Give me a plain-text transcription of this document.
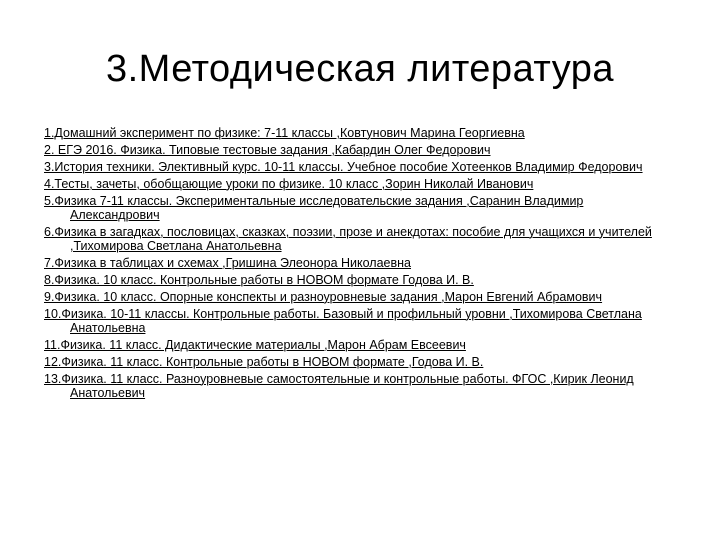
3.Методическая литература
1.Домашний эксперимент по физике: 7-11 классы ,Ковтунович Марина Георгиевна
2. ЕГЭ 2016. Физика. Типовые тестовые задания ,Кабардин Олег Федорович
3.История техники. Элективный курс. 10-11 классы. Учебное пособие Хотеенков Владимир Федорович
4.Тесты, зачеты, обобщающие уроки по физике. 10 класс ,Зорин Николай Иванович
5.Физика 7-11 классы. Экспериментальные исследовательские задания ,Саранин Владимир Александрович
6.Физика в загадках, пословицах, сказках, поэзии, прозе и анекдотах: пособие для учащихся и учителей ,Тихомирова Светлана Анатольевна
7.Физика в таблицах и схемах ,Гришина Элеонора Николаевна
8.Физика. 10 класс. Контрольные работы в НОВОМ формате Годова И. В.
9.Физика. 10 класс. Опорные конспекты и разноуровневые задания ,Марон Евгений Абрамович
10.Физика. 10-11 классы. Контрольные работы. Базовый и профильный уровни ,Тихомирова Светлана Анатольевна
11.Физика. 11 класс. Дидактические материалы ,Марон Абрам Евсеевич
12.Физика. 11 класс. Контрольные работы в НОВОМ формате ,Годова И. В.
13.Физика. 11 класс. Разноуровневые самостоятельные и контрольные работы. ФГОС ,Кирик Леонид Анатольевич
